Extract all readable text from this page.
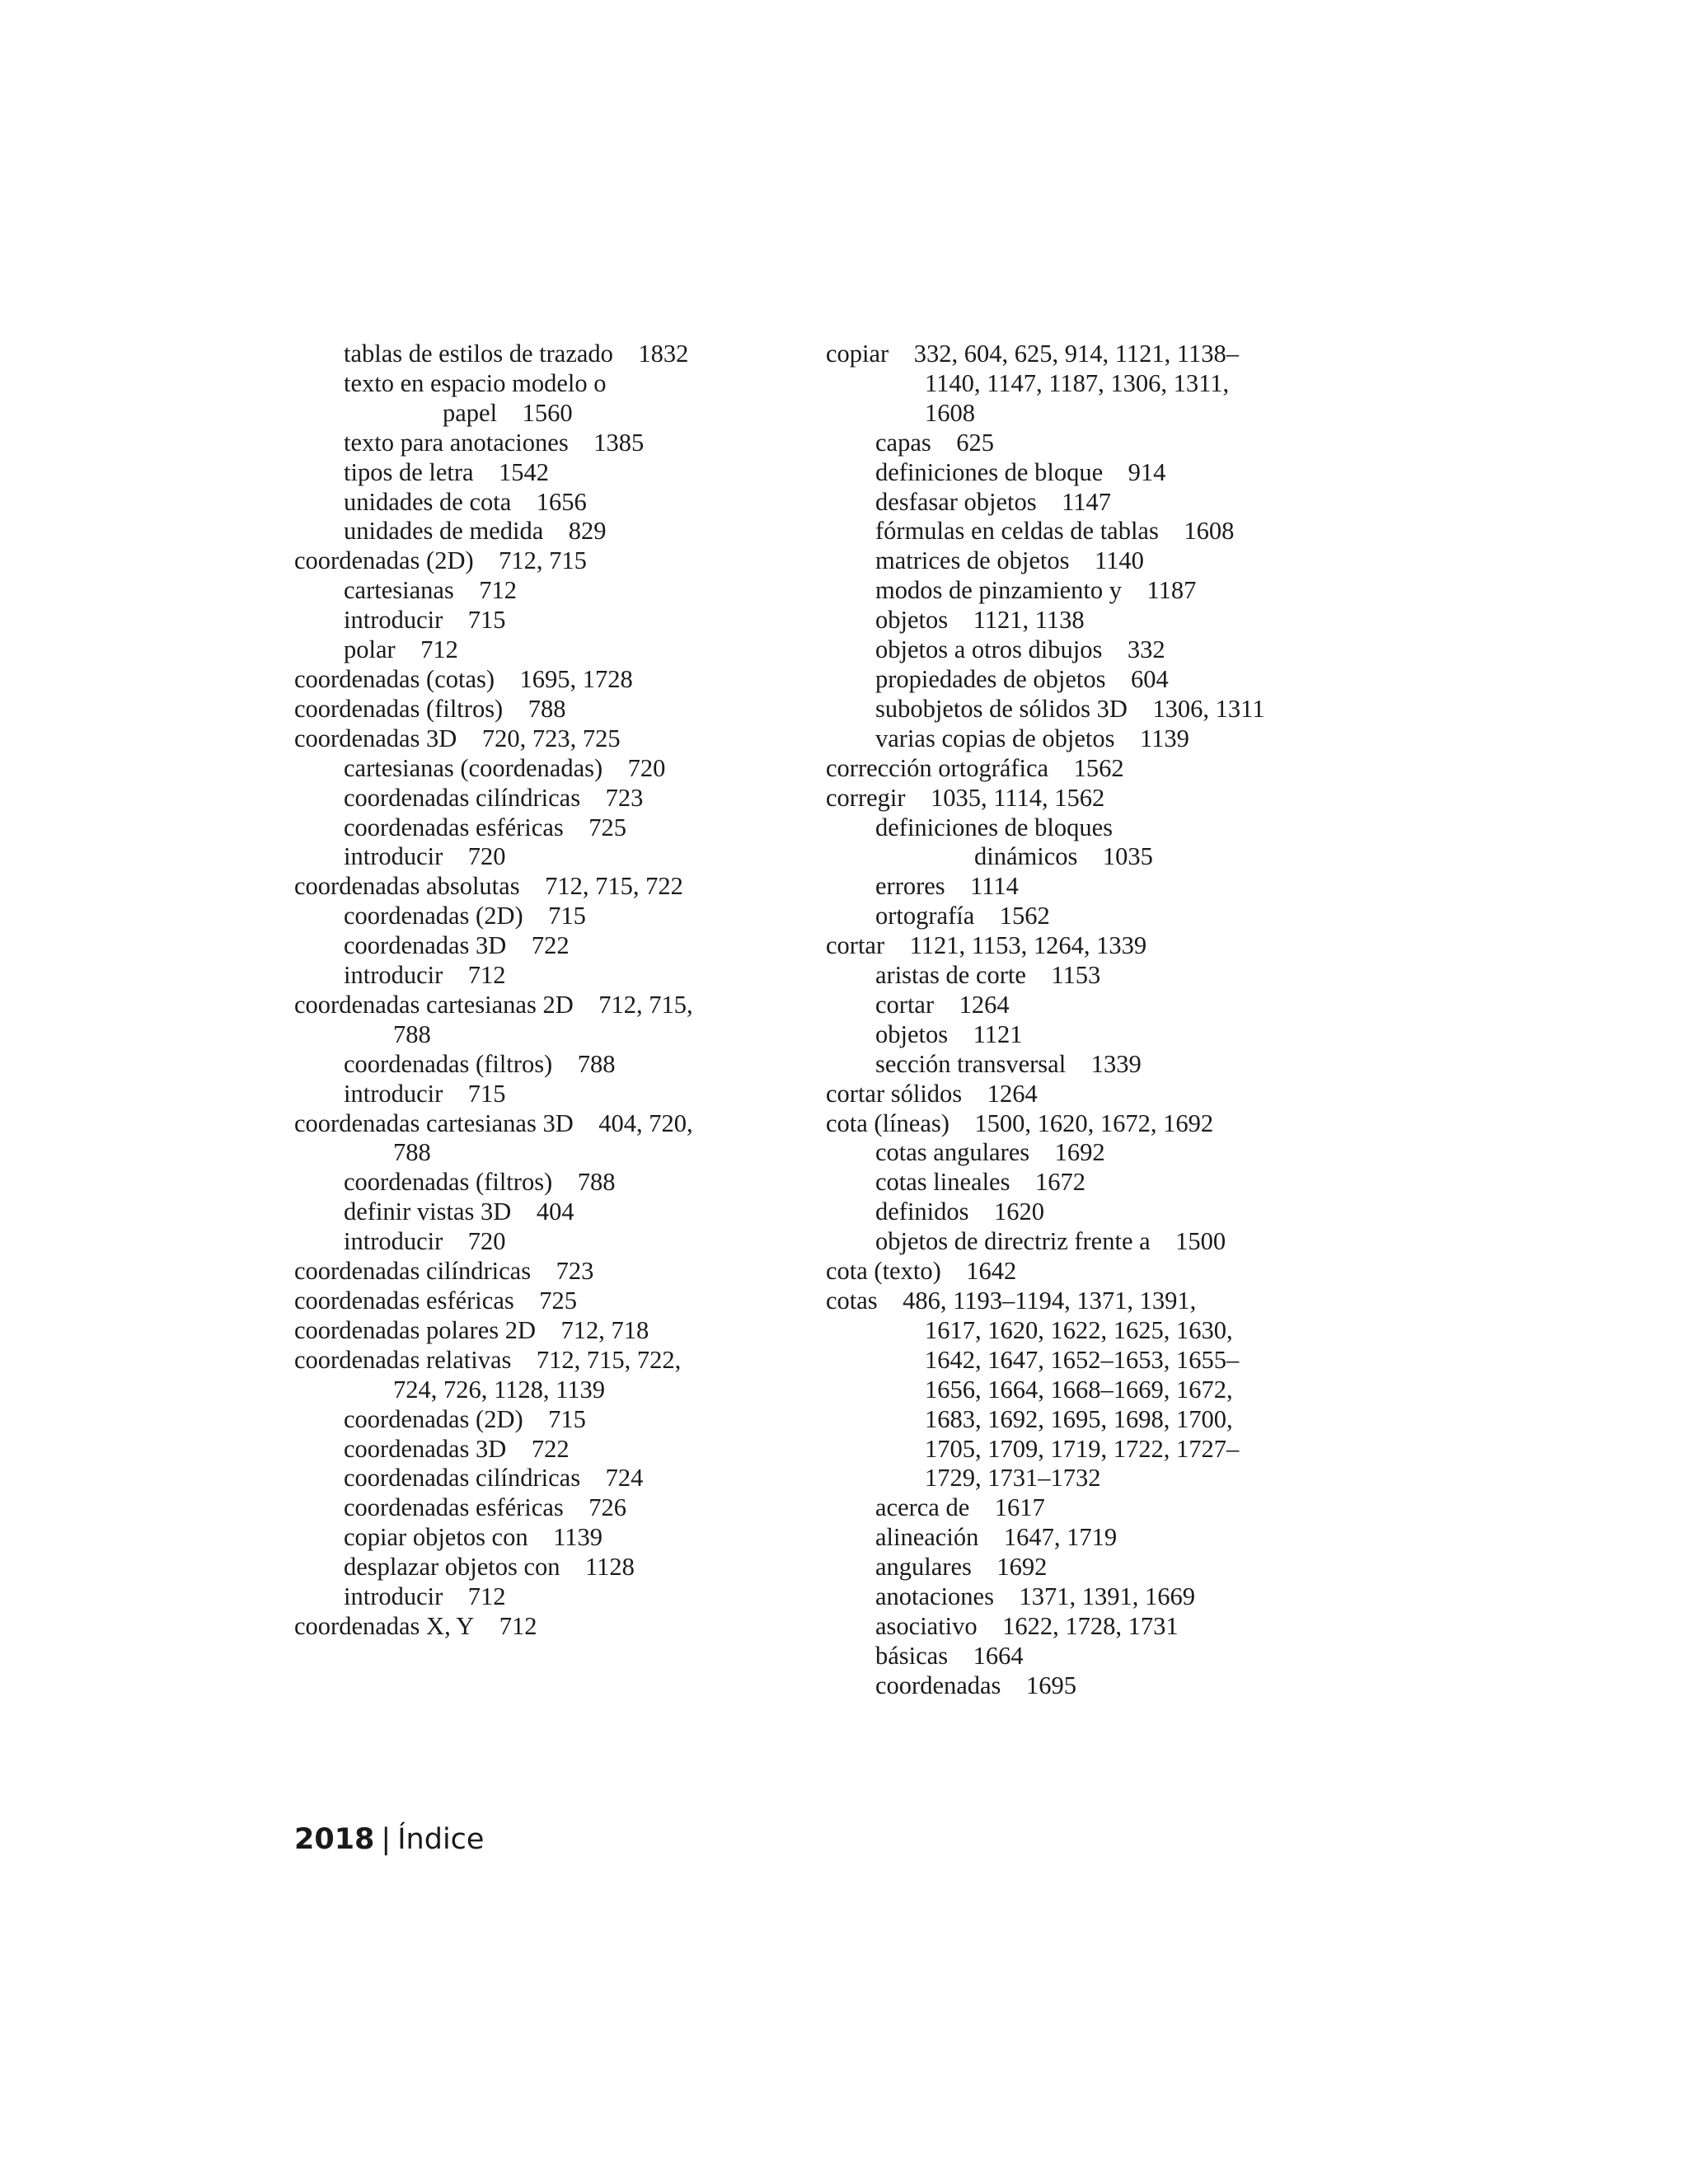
tablas de estilos de trazado 1832
texto en espacio modelo o
papel 1560
texto para anotaciones 1385
tipos de letra 1542
unidades de cota 1656
unidades de medida 829
coordenadas (2D) 712, 715
cartesianas 712
introducir 715
polar 712
coordenadas (cotas) 1695, 1728
coordenadas (filtros) 788
coordenadas 3D 720, 723, 725
cartesianas (coordenadas) 720
coordenadas cilíndricas 723
coordenadas esféricas 725
introducir 720
coordenadas absolutas 712, 715, 722
coordenadas (2D) 715
coordenadas 3D 722
introducir 712
coordenadas cartesianas 2D 712, 715,
788
coordenadas (filtros) 788
introducir 715
coordenadas cartesianas 3D 404, 720,
788
coordenadas (filtros) 788
definir vistas 3D 404
introducir 720
coordenadas cilíndricas 723
coordenadas esféricas 725
coordenadas polares 2D 712, 718
coordenadas relativas 712, 715, 722,
724, 726, 1128, 1139
coordenadas (2D) 715
coordenadas 3D 722
coordenadas cilíndricas 724
coordenadas esféricas 726
copiar objetos con 1139
desplazar objetos con 1128
introducir 712
coordenadas X, Y 712
copiar 332, 604, 625, 914, 1121, 1138–
1140, 1147, 1187, 1306, 1311,
1608
capas 625
definiciones de bloque 914
desfasar objetos 1147
fórmulas en celdas de tablas 1608
matrices de objetos 1140
modos de pinzamiento y 1187
objetos 1121, 1138
objetos a otros dibujos 332
propiedades de objetos 604
subobjetos de sólidos 3D 1306, 1311
varias copias de objetos 1139
corrección ortográfica 1562
corregir 1035, 1114, 1562
definiciones de bloques
dinámicos 1035
errores 1114
ortografía 1562
cortar 1121, 1153, 1264, 1339
aristas de corte 1153
cortar 1264
objetos 1121
sección transversal 1339
cortar sólidos 1264
cota (líneas) 1500, 1620, 1672, 1692
cotas angulares 1692
cotas lineales 1672
definidos 1620
objetos de directriz frente a 1500
cota (texto) 1642
cotas 486, 1193–1194, 1371, 1391,
1617, 1620, 1622, 1625, 1630,
1642, 1647, 1652–1653, 1655–
1656, 1664, 1668–1669, 1672,
1683, 1692, 1695, 1698, 1700,
1705, 1709, 1719, 1722, 1727–
1729, 1731–1732
acerca de 1617
alineación 1647, 1719
angulares 1692
anotaciones 1371, 1391, 1669
asociativo 1622, 1728, 1731
básicas 1664
coordenadas 1695
2018 | Índice
